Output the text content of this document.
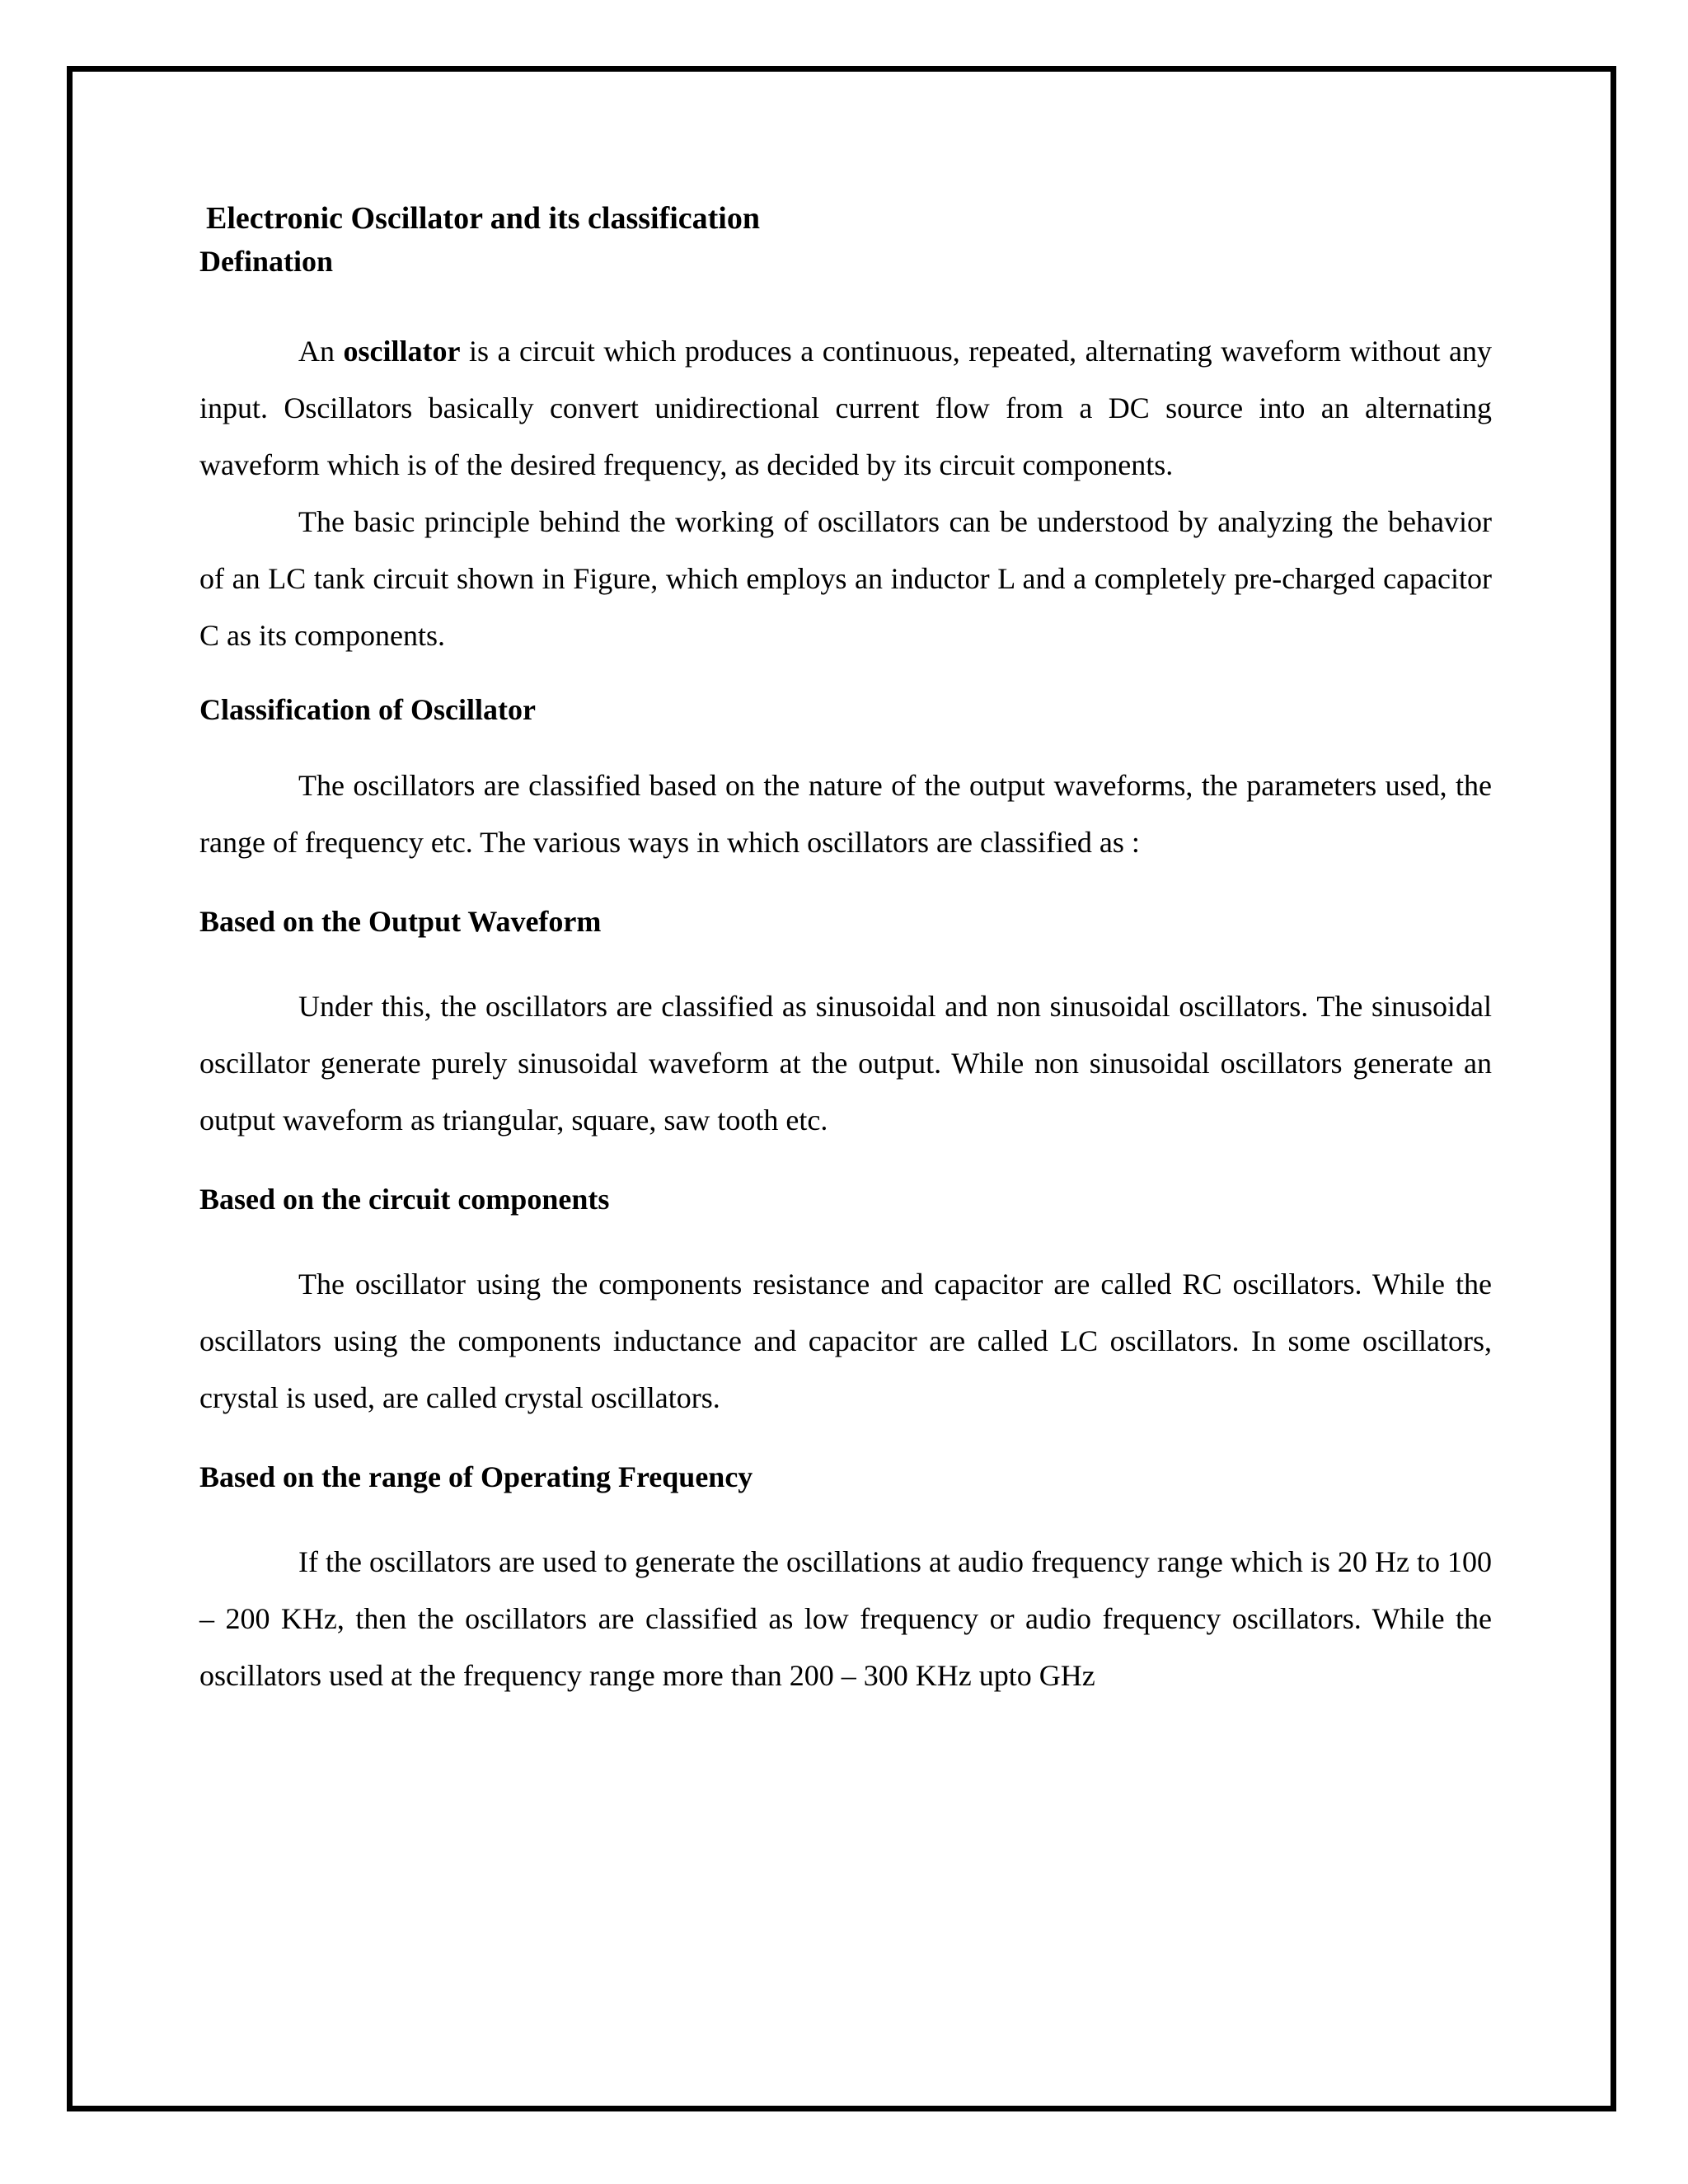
Electronic Oscillator and its classification
Defination

An oscillator is a circuit which produces a continuous, repeated, alternating waveform without any input. Oscillators basically convert unidirectional current flow from a DC source into an alternating waveform which is of the desired frequency, as decided by its circuit components.

The basic principle behind the working of oscillators can be understood by analyzing the behavior of an LC tank circuit shown in Figure, which employs an inductor L and a completely pre-charged capacitor C as its components.

Classification of Oscillator

The oscillators are classified based on the nature of the output waveforms, the parameters used, the range of frequency etc. The various ways in which oscillators are classified as :

Based on the Output Waveform

Under this, the oscillators are classified as sinusoidal and non sinusoidal oscillators. The sinusoidal oscillator generate purely sinusoidal waveform at the output. While non sinusoidal oscillators generate an output waveform as triangular, square, saw tooth etc.

Based on the circuit components

The oscillator using the components resistance and capacitor are called RC oscillators. While the oscillators using the components inductance and capacitor are called LC oscillators. In some oscillators, crystal is used, are called crystal oscillators.

Based on the range of Operating Frequency

If the oscillators are used to generate the oscillations at audio frequency range which is 20 Hz to 100 – 200 KHz, then the oscillators are classified as low frequency or audio frequency oscillators. While the oscillators used at the frequency range more than 200 – 300 KHz upto GHz
